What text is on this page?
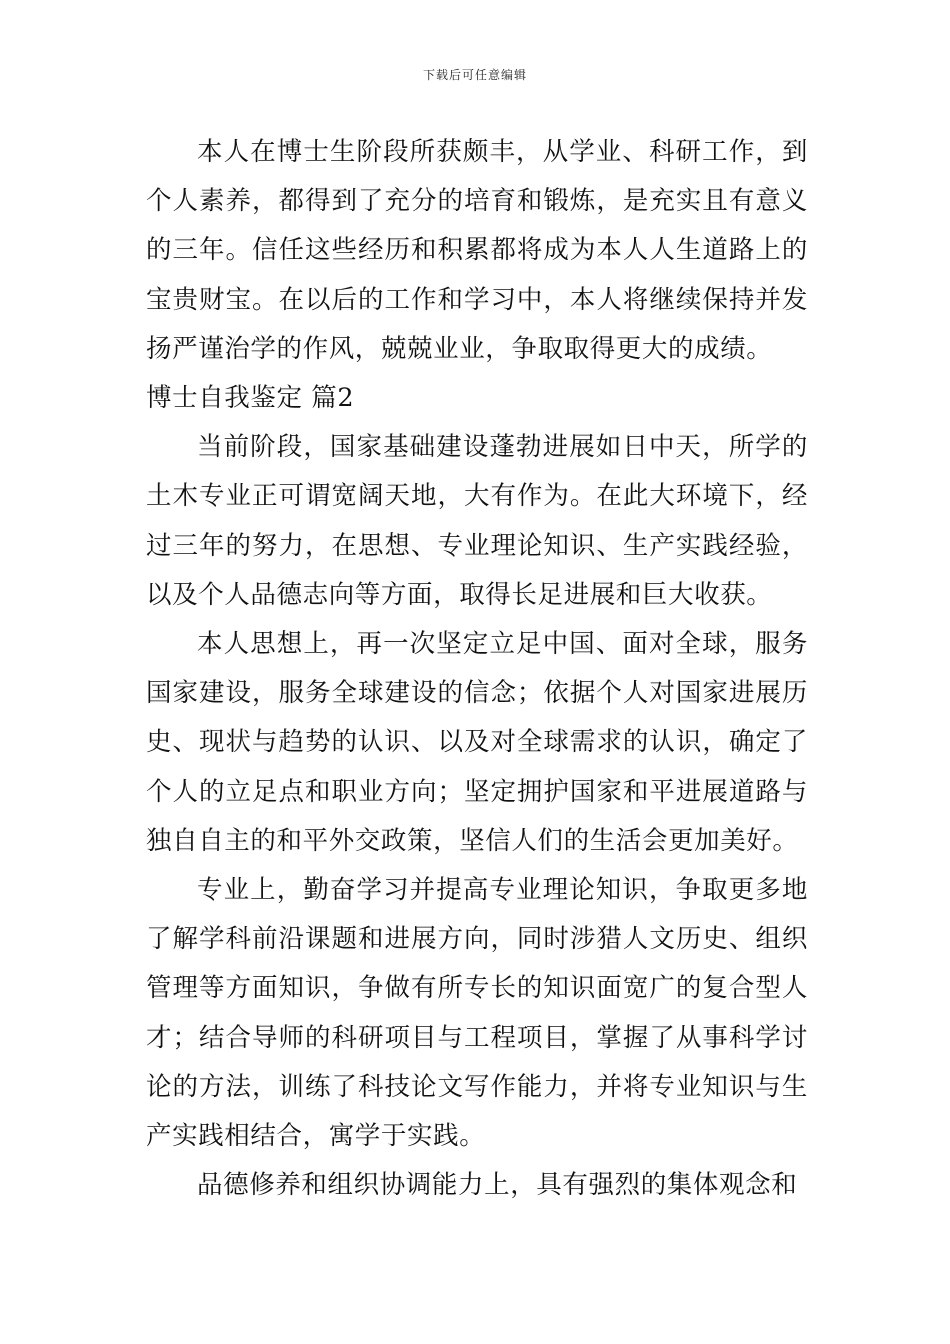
下载后可任意编辑

本人在博士生阶段所获颇丰，从学业、科研工作，到个人素养，都得到了充分的培育和锻炼，是充实且有意义的三年。信任这些经历和积累都将成为本人人生道路上的宝贵财宝。在以后的工作和学习中，本人将继续保持并发扬严谨治学的作风，兢兢业业，争取取得更大的成绩。

博士自我鉴定 篇2

当前阶段，国家基础建设蓬勃进展如日中天，所学的土木专业正可谓宽阔天地，大有作为。在此大环境下，经过三年的努力，在思想、专业理论知识、生产实践经验，以及个人品德志向等方面，取得长足进展和巨大收获。

本人思想上，再一次坚定立足中国、面对全球，服务国家建设，服务全球建设的信念；依据个人对国家进展历史、现状与趋势的认识、以及对全球需求的认识，确定了个人的立足点和职业方向；坚定拥护国家和平进展道路与独自自主的和平外交政策，坚信人们的生活会更加美好。

专业上，勤奋学习并提高专业理论知识，争取更多地了解学科前沿课题和进展方向，同时涉猎人文历史、组织管理等方面知识，争做有所专长的知识面宽广的复合型人才；结合导师的科研项目与工程项目，掌握了从事科学讨论的方法，训练了科技论文写作能力，并将专业知识与生产实践相结合，寓学于实践。

品德修养和组织协调能力上，具有强烈的集体观念和
